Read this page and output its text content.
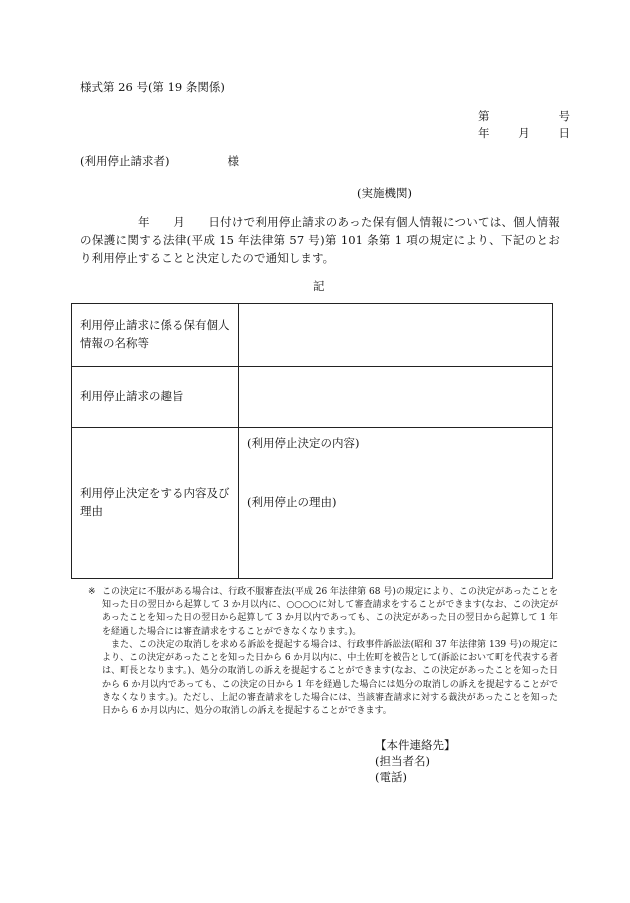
様式第 26 号(第 19 条関係)
第	号
年	月	日
(利用停止請求者)	様
(実施機関)
年　　月　　日付けで利用停止請求のあった保有個人情報については、個人情報の保護に関する法律(平成 15 年法律第 57 号)第 101 条第 1 項の規定により、下記のとおり利用停止することと決定したので通知します。
記
利用停止請求に係る保有個人情報の名称等	
利用停止請求の趣旨	
利用停止決定をする内容及び理由	(利用停止決定の内容)
(利用停止の理由)
※ この決定に不服がある場合は、行政不服審査法(平成 26 年法律第 68 号)の規定により、この決定があったことを知った日の翌日から起算して 3 か月以内に、○○○○に対して審査請求をすることができます(なお、この決定があったことを知った日の翌日から起算して 3 か月以内であっても、この決定があった日の翌日から起算して 1 年を経過した場合には審査請求をすることができなくなります。)。
また、この決定の取消しを求める訴訟を提起する場合は、行政事件訴訟法(昭和 37 年法律第 139 号)の規定により、この決定があったことを知った日から 6 か月以内に、中土佐町を被告として(訴訟において町を代表する者は、町長となります。)、処分の取消しの訴えを提起することができます(なお、この決定があったことを知った日から 6 か月以内であっても、この決定の日から 1 年を経過した場合には処分の取消しの訴えを提起することができなくなります。)。ただし、上記の審査請求をした場合には、当該審査請求に対する裁決があったことを知った日から 6 か月以内に、処分の取消しの訴えを提起することができます。
【本件連絡先】
(担当者名)
(電話)
